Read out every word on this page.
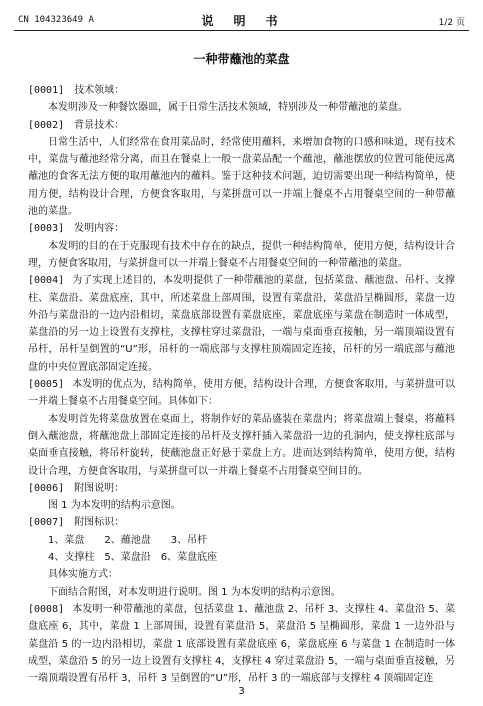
CN 104323649 A	说　明　书	1/2 页
一种带蘸池的菜盘

[0001] 技术领域：

本发明涉及一种餐饮器皿，属于日常生活技术领域，特别涉及一种带蘸池的菜盘。

[0002] 背景技术：

日常生活中，人们经常在食用菜品时，经常使用蘸料，来增加食物的口感和味道，现有技术中，菜盘与蘸池经常分离，而且在餐桌上一般一盘菜品配一个蘸池，蘸池摆放的位置可能使远离蘸池的食客无法方便的取用蘸池内的蘸料。鉴于这种技术问题，迫切需要出现一种结构简单，使用方便，结构设计合理，方便食客取用，与菜拼盘可以一并端上餐桌不占用餐桌空间的一种带蘸池的菜盘。

[0003] 发明内容：

本发明的目的在于克服现有技术中存在的缺点，提供一种结构简单，使用方便，结构设计合理，方便食客取用，与菜拼盘可以一并端上餐桌不占用餐桌空间的一种带蘸池的菜盘。

[0004] 为了实现上述目的，本发明提供了一种带蘸池的菜盘，包括菜盘、蘸池盘、吊杆、支撑柱、菜盘沿、菜盘底座，其中，所述菜盘上部周围，设置有菜盘沿，菜盘沿呈椭圆形，菜盘一边外沿与菜盘沿的一边内沿相切，菜盘底部设置有菜盘底座，菜盘底座与菜盘在制造时一体成型，菜盘沿的另一边上设置有支撑柱，支撑柱穿过菜盘沿，一端与桌面垂直接触，另一端顶端设置有吊杆，吊杆呈倒置的“U”形，吊杆的一端底部与支撑柱顶端固定连接，吊杆的另一端底部与蘸池盘的中央位置底部固定连接。

[0005] 本发明的优点为，结构简单，使用方便，结构设计合理，方便食客取用，与菜拼盘可以一并端上餐桌不占用餐桌空间。具体如下：

本发明首先将菜盘放置在桌面上，将制作好的菜品盛装在菜盘内；将菜盘端上餐桌，将蘸料倒入蘸池盘，将蘸池盘上部固定连接的吊杆及支撑杆插入菜盘沿一边的孔洞内，使支撑柱底部与桌面垂直接触，将吊杆旋转，使蘸池盘正好悬于菜盘上方。进而达到结构简单，使用方便，结构设计合理，方便食客取用，与菜拼盘可以一并端上餐桌不占用餐桌空间目的。

[0006] 附图说明：

图 1 为本发明的结构示意图。

[0007] 附图标识：

1、菜盘　　2、蘸池盘　　3、吊杆

4、支撑柱　5、菜盘沿　6、菜盘底座

具体实施方式：

下面结合附图，对本发明进行说明。图 1 为本发明的结构示意图。

[0008] 本发明一种带蘸池的菜盘，包括菜盘 1、蘸池盘 2、吊杆 3、支撑柱 4、菜盘沿 5、菜盘底座 6，其中，菜盘 1 上部周围，设置有菜盘沿 5，菜盘沿 5 呈椭圆形，菜盘 1 一边外沿与菜盘沿 5 的一边内沿相切，菜盘 1 底部设置有菜盘底座 6，菜盘底座 6 与菜盘 1 在制造时一体成型，菜盘沿 5 的另一边上设置有支撑柱 4，支撑柱 4 穿过菜盘沿 5，一端与桌面垂直接触，另一端顶端设置有吊杆 3，吊杆 3 呈倒置的“U”形，吊杆 3 的一端底部与支撑柱 4 顶端固定连

3
